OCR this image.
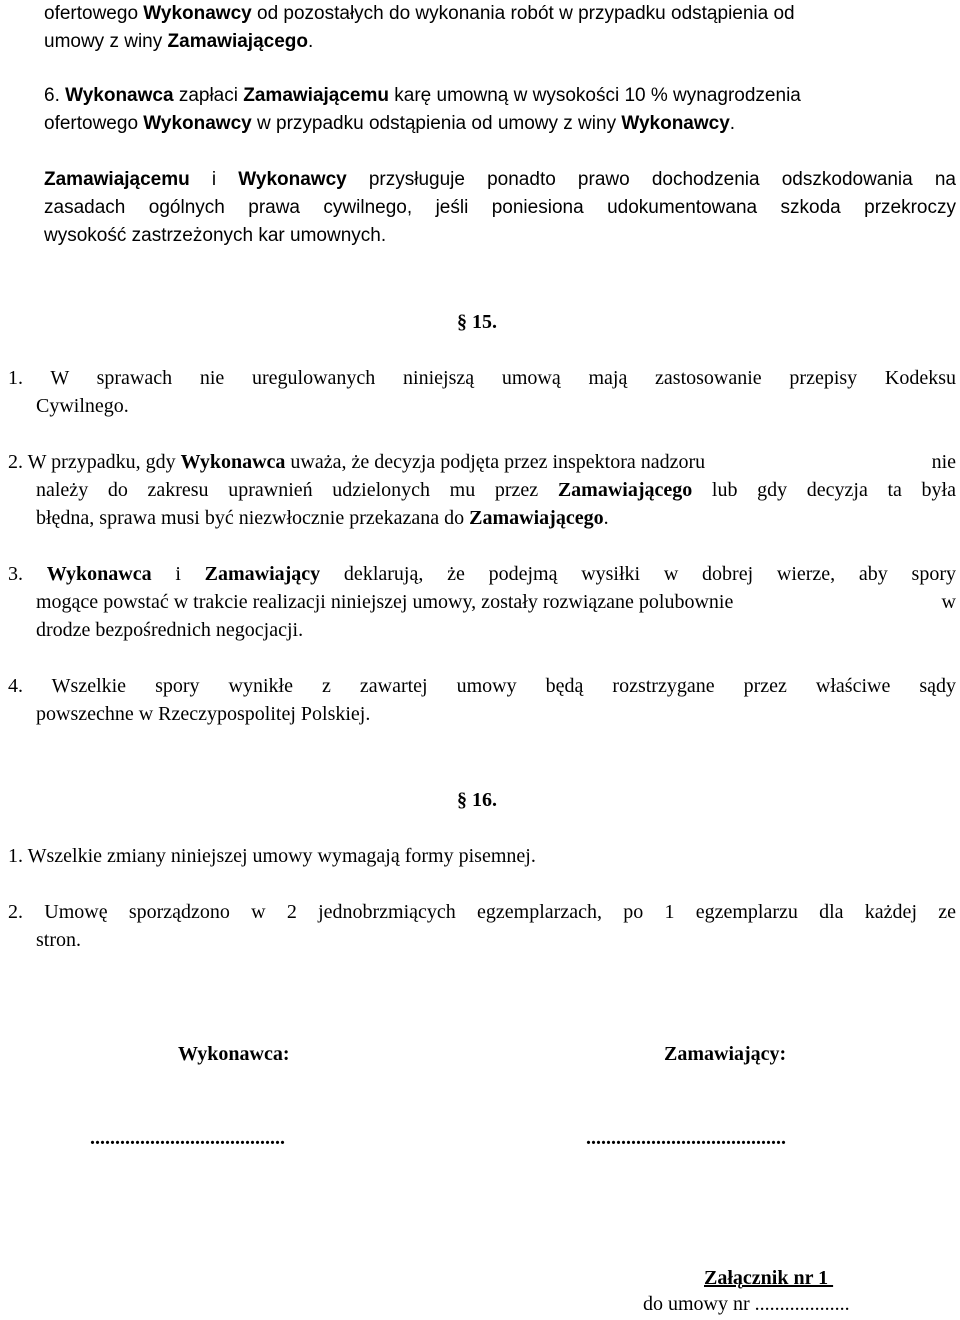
ofertowego Wykonawcy od pozostałych do wykonania robót w przypadku odstąpienia od
umowy z winy Zamawiającego.
6. Wykonawca zapłaci Zamawiającemu karę umowną w wysokości 10 % wynagrodzenia
ofertowego Wykonawcy w przypadku odstąpienia od umowy z winy Wykonawcy.
Zamawiającemu i Wykonawcy przysługuje ponadto prawo dochodzenia odszkodowania na
zasadach ogólnych prawa cywilnego, jeśli poniesiona udokumentowana szkoda przekroczy
wysokość zastrzeżonych kar umownych.
§ 15.
1. W sprawach nie uregulowanych niniejszą umową mają zastosowanie przepisy Kodeksu
Cywilnego.
2. W przypadku, gdy Wykonawca uważa, że decyzja podjęta przez inspektora nadzoru	nie
należy do zakresu uprawnień udzielonych mu przez Zamawiającego lub gdy decyzja ta była
błędna, sprawa musi być niezwłocznie przekazana do Zamawiającego.
3. Wykonawca i Zamawiający deklarują, że podejmą wysiłki w dobrej wierze, aby spory
mogące powstać w trakcie realizacji niniejszej umowy, zostały rozwiązane polubownie	w
drodze bezpośrednich negocjacji.
4. Wszelkie spory wynikłe z zawartej umowy będą rozstrzygane przez właściwe sądy
powszechne w Rzeczypospolitej Polskiej.
§ 16.
1. Wszelkie zmiany niniejszej umowy wymagają formy pisemnej.
2. Umowę sporządzono w 2 jednobrzmiących egzemplarzach, po 1 egzemplarzu dla każdej ze
stron.
Wykonawca:	Zamawiający:
.......................................	........................................
Załącznik nr 1
do umowy nr ...................
